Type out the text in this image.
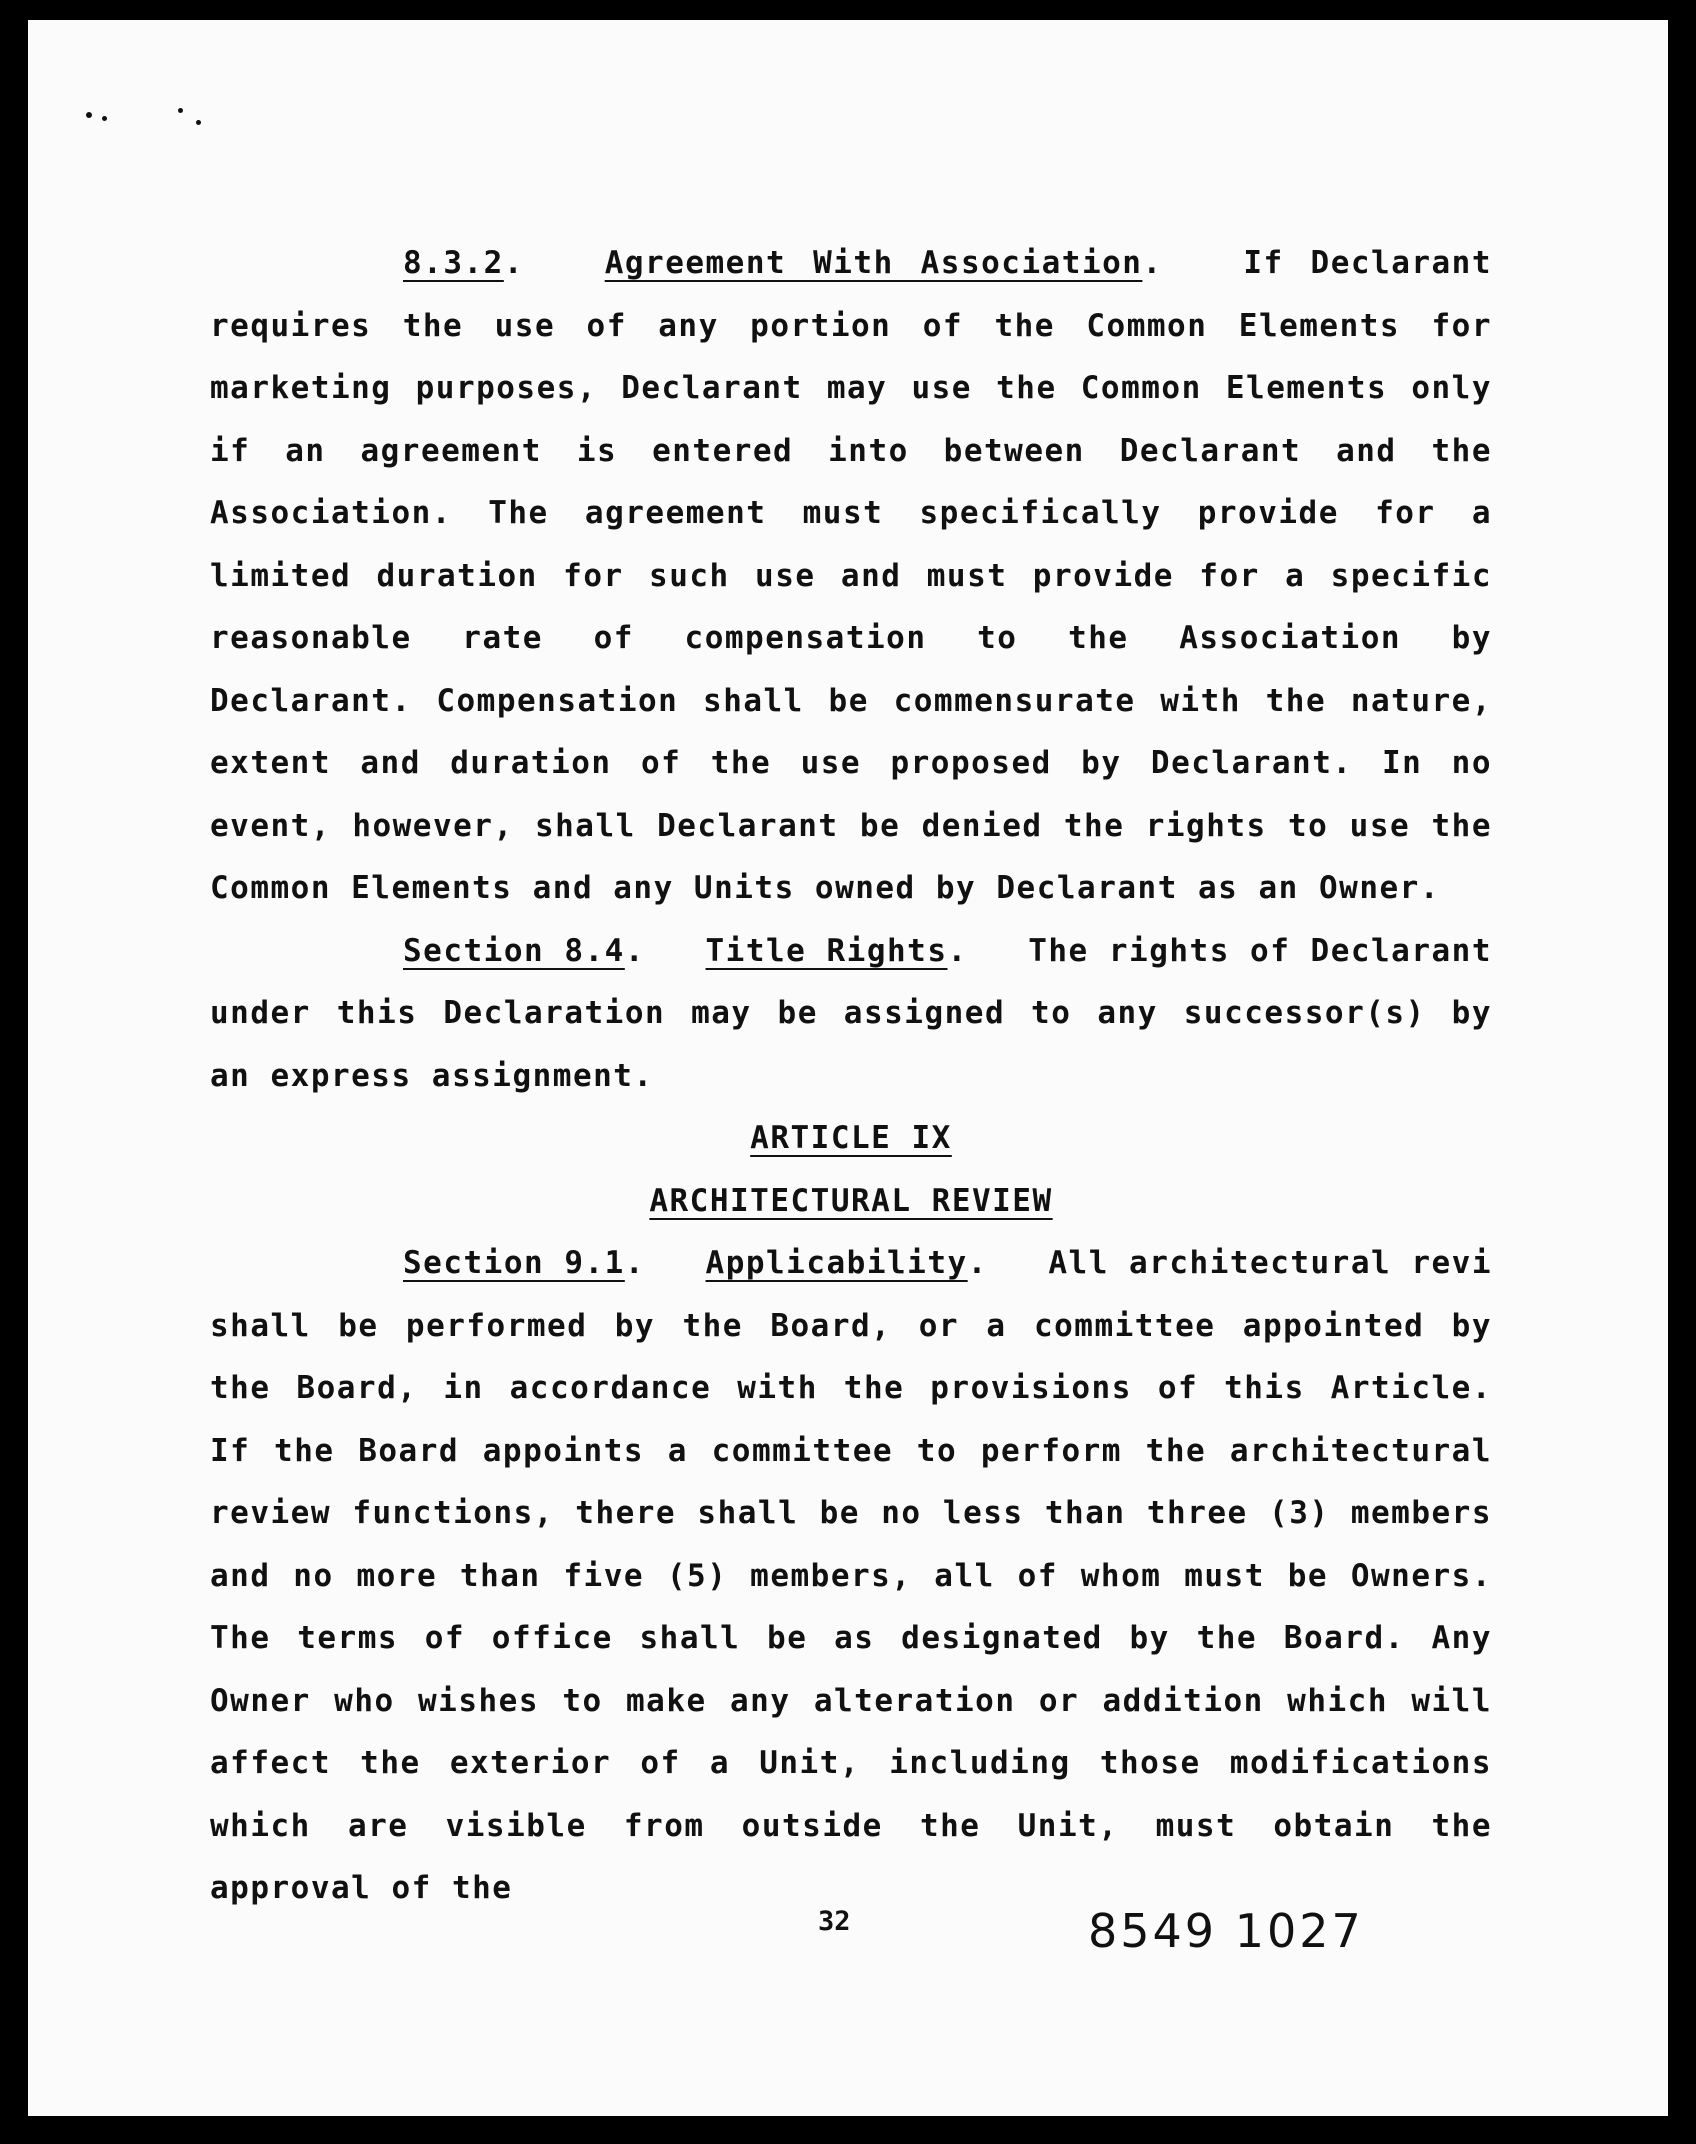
8.3.2.   Agreement With Association.   If Declarant requires the use of any portion of the Common Elements for marketing purposes, Declarant may use the Common Elements only if an agreement is entered into between Declarant and the Association. The agreement must specifically provide for a limited duration for such use and must provide for a specific reasonable rate of compensation to the Association by Declarant. Compensation shall be commensurate with the nature, extent and duration of the use proposed by Declarant. In no event, however, shall Declarant be denied the rights to use the Common Elements and any Units owned by Declarant as an Owner.

Section 8.4.   Title Rights.   The rights of Declarant under this Declaration may be assigned to any successor(s) by an express assignment.

ARTICLE IX

ARCHITECTURAL REVIEW

Section 9.1.   Applicability.   All architectural revi shall be performed by the Board, or a committee appointed by the Board, in accordance with the provisions of this Article. If the Board appoints a committee to perform the architectural review functions, there shall be no less than three (3) members and no more than five (5) members, all of whom must be Owners. The terms of office shall be as designated by the Board. Any Owner who wishes to make any alteration or addition which will affect the exterior of a Unit, including those modifications which are visible from outside the Unit, must obtain the approval of the

32	8549 1027
